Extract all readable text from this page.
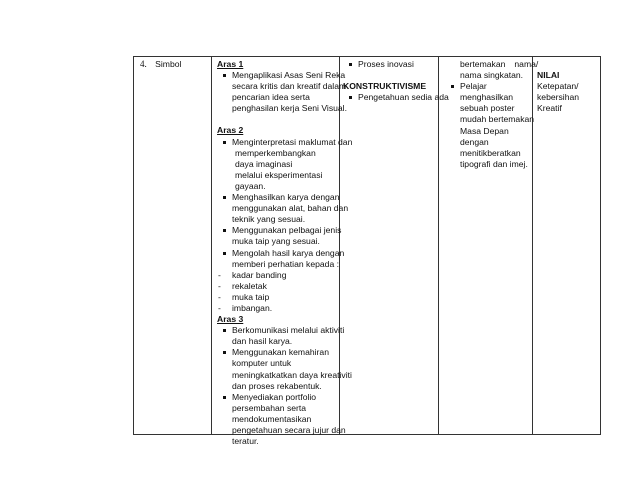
4. Simbol	Aras 1
Mengaplikasi Asas Seni Reka
secara kritis dan kreatif dalam
pencarian idea serta
penghasilan kerja Seni Visual.
Aras 2
Menginterpretasi maklumat dan
memperkembangkan
daya imaginasi
melalui eksperimentasi
gayaan.
Menghasilkan karya dengan
menggunakan alat, bahan dan
teknik yang sesuai.
Menggunakan pelbagai jenis
muka taip yang sesuai.
Mengolah hasil karya dengan
memberi perhatian kepada :
- kadar banding
- rekaletak
- muka taip
- imbangan.
Aras 3
Berkomunikasi melalui aktiviti
dan hasil karya.
Menggunakan kemahiran
komputer untuk
meningkatkatkan daya kreativiti
dan proses rekabentuk.
Menyediakan portfolio
persembahan serta
mendokumentasikan
pengetahuan secara jujur dan
teratur.
Proses inovasi
KONSTRUKTIVISME
Pengetahuan sedia ada
bertemakan nama/
nama singkatan.
Pelajar
menghasilkan
sebuah poster
mudah bertemakan
Masa Depan
dengan
menitikberatkan
tipografi dan imej.
NILAI
Ketepatan/
kebersihan
Kreatif
